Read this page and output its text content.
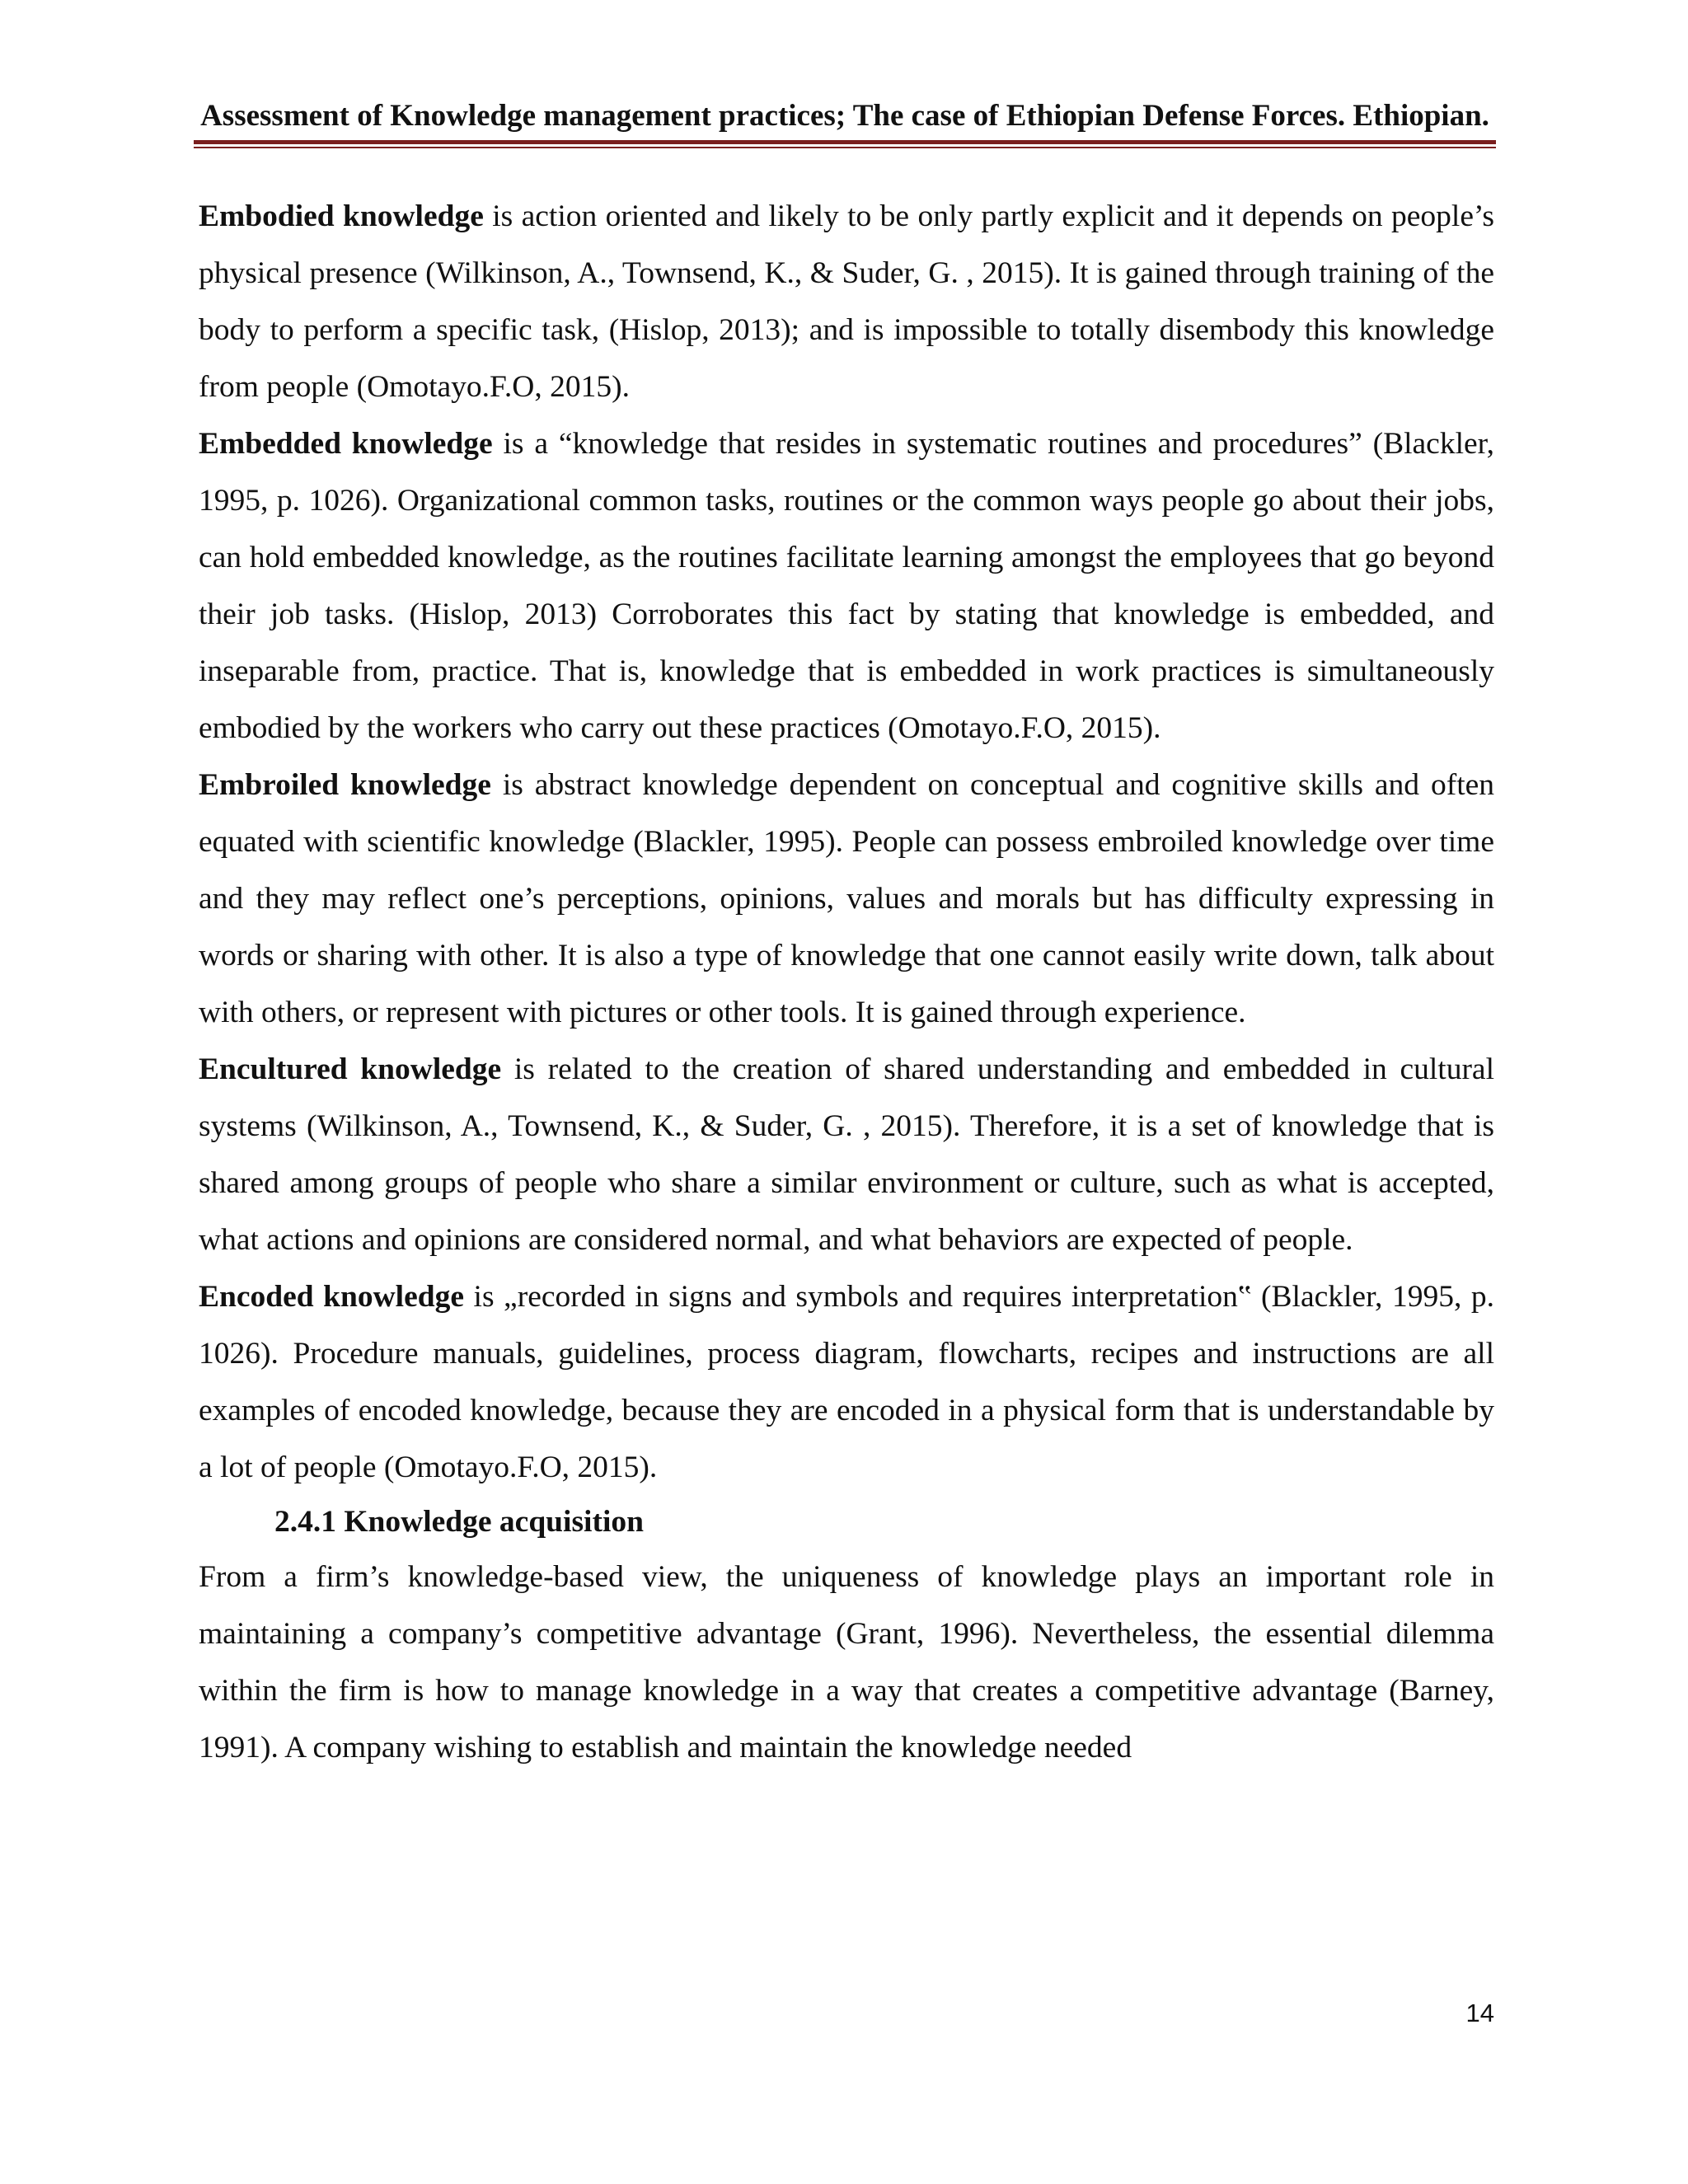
Assessment of Knowledge management practices; The case of Ethiopian Defense Forces. Ethiopian.

Embodied knowledge is action oriented and likely to be only partly explicit and it depends on people’s physical presence (Wilkinson, A., Townsend, K., & Suder, G. , 2015). It is gained through training of the body to perform a specific task, (Hislop, 2013); and is impossible to totally disembody this knowledge from people (Omotayo.F.O, 2015).

Embedded knowledge is a “knowledge that resides in systematic routines and procedures” (Blackler, 1995, p. 1026). Organizational common tasks, routines or the common ways people go about their jobs, can hold embedded knowledge, as the routines facilitate learning amongst the employees that go beyond their job tasks. (Hislop, 2013) Corroborates this fact by stating that knowledge is embedded, and inseparable from, practice. That is, knowledge that is embedded in work practices is simultaneously embodied by the workers who carry out these practices (Omotayo.F.O, 2015).

Embroiled knowledge is abstract knowledge dependent on conceptual and cognitive skills and often equated with scientific knowledge (Blackler, 1995). People can possess embroiled knowledge over time and they may reflect one’s perceptions, opinions, values and morals but has difficulty expressing in words or sharing with other. It is also a type of knowledge that one cannot easily write down, talk about with others, or represent with pictures or other tools. It is gained through experience.

Encultured knowledge is related to the creation of shared understanding and embedded in cultural systems (Wilkinson, A., Townsend, K., & Suder, G. , 2015). Therefore, it is a set of knowledge that is shared among groups of people who share a similar environment or culture, such as what is accepted, what actions and opinions are considered normal, and what behaviors are expected of people.

Encoded knowledge is „recorded in signs and symbols and requires interpretation‟ (Blackler, 1995, p. 1026). Procedure manuals, guidelines, process diagram, flowcharts, recipes and instructions are all examples of encoded knowledge, because they are encoded in a physical form that is understandable by a lot of people (Omotayo.F.O, 2015).

2.4.1 Knowledge acquisition

From a firm’s knowledge-based view, the uniqueness of knowledge plays an important role in maintaining a company’s competitive advantage (Grant, 1996). Nevertheless, the essential dilemma within the firm is how to manage knowledge in a way that creates a competitive advantage (Barney, 1991). A company wishing to establish and maintain the knowledge needed

14
